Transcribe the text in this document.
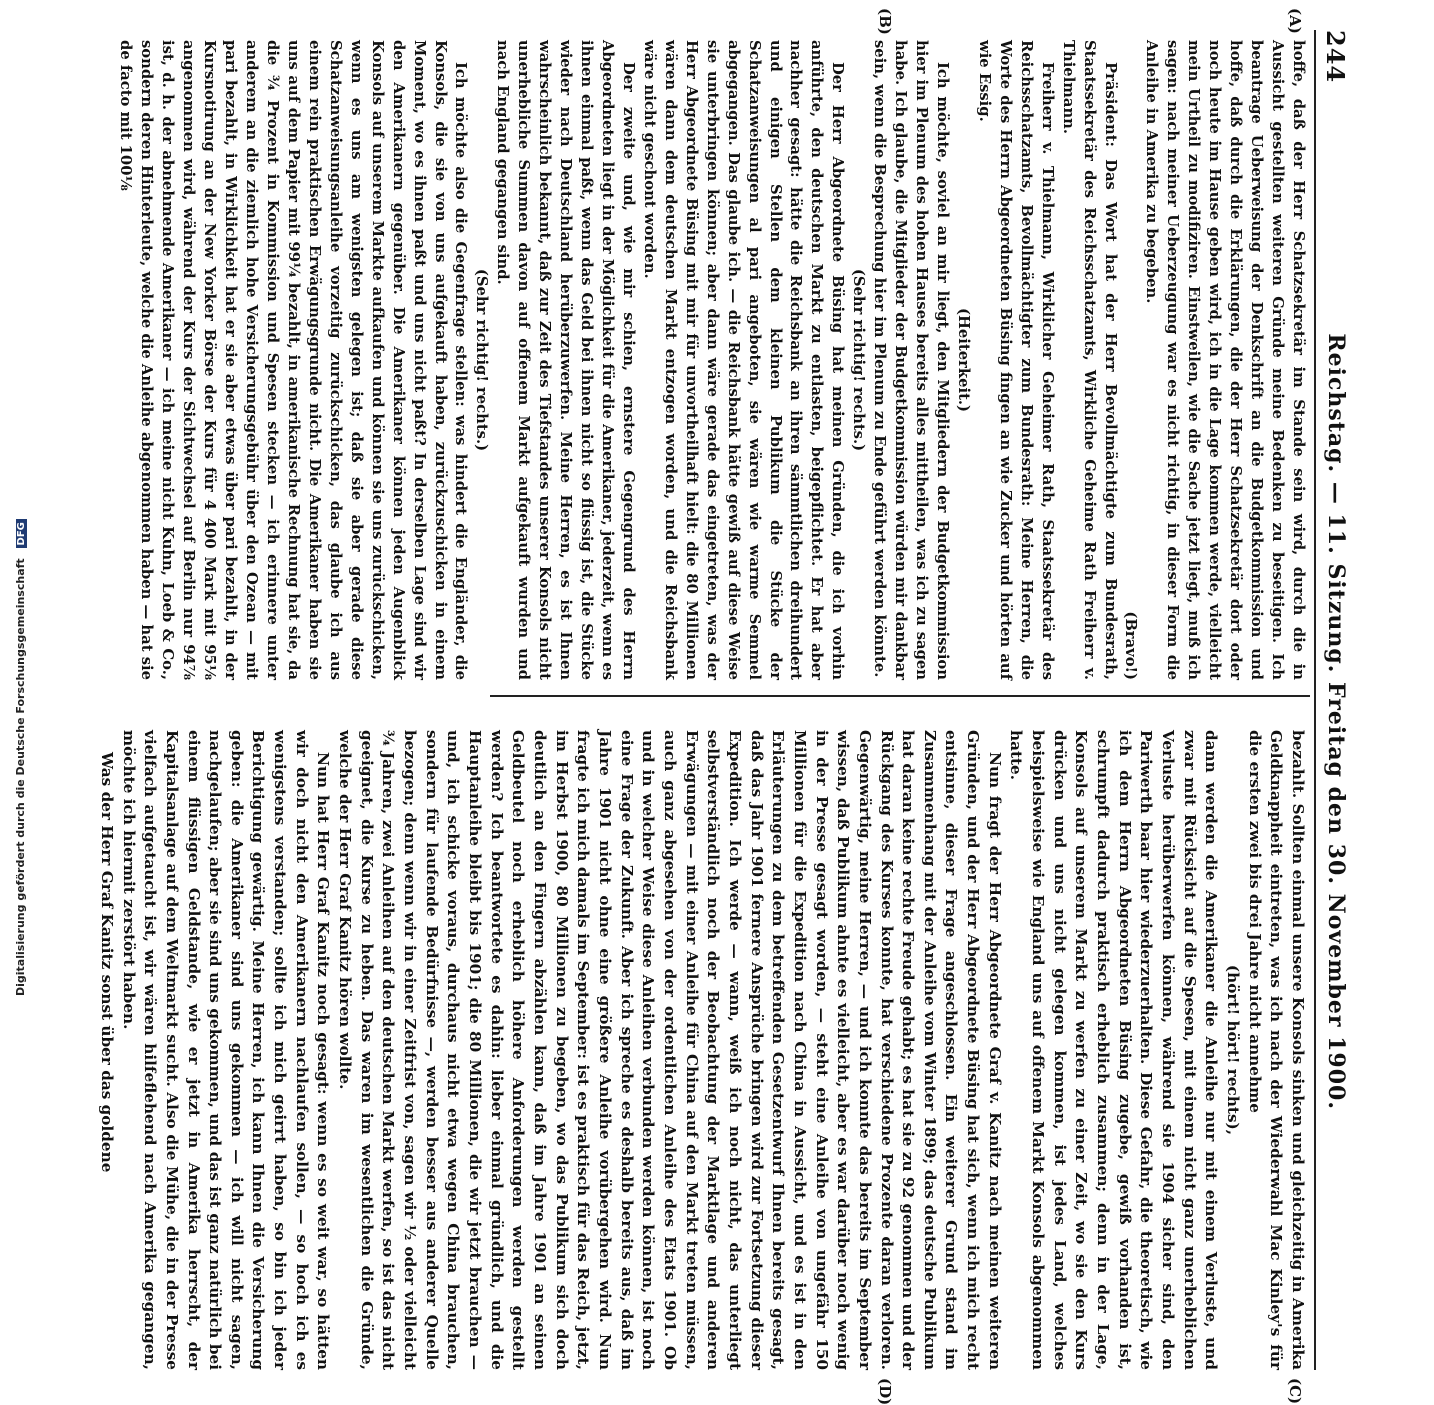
244
Reichstag. — 11. Sitzung. Freitag den 30. November 1900.
(A)
(B)
(C)
(D)

hoffe, daß der Herr Schatzsekretär im Stande sein wird, durch die in Aussicht gestellten weiteren Gründe meine Bedenken zu beseitigen. Ich beantrage Ueberweisung der Denkschrift an die Budgetkommission und hoffe, daß durch die Erklärungen, die der Herr Schatzsekretär dort oder noch heute im Hause geben wird, ich in die Lage kommen werde, vielleicht mein Urtheil zu modifiziren. Einstweilen, wie die Sache jetzt liegt, muß ich sagen: nach meiner Ueberzeugung war es nicht richtig, in dieser Form die Anleihe in Amerika zu begeben.

(Bravo!)

Präsident: Das Wort hat der Herr Bevollmächtigte zum Bundesrath, Staatssekretär des Reichsschatzamts, Wirkliche Geheime Rath Freiherr v. Thielmann.

Freiherr v. Thielmann, Wirklicher Geheimer Rath, Staatssekretär des Reichsschatzamts, Bevollmächtigter zum Bundesrath: Meine Herren, die Worte des Herrn Abgeordneten Büsing fingen an wie Zucker und hörten auf wie Essig.

(Heiterkeit.)

Ich möchte, soviel an mir liegt, den Mitgliedern der Budgetkommission hier im Plenum des hohen Hauses bereits alles mittheilen, was ich zu sagen habe. Ich glaube, die Mitglieder der Budgetkommission würden mir dankbar sein, wenn die Besprechung hier im Plenum zu Ende geführt werden könnte.

(Sehr richtig! rechts.)

Der Herr Abgeordnete Büsing hat meinen Gründen, die ich vorhin anführte, den deutschen Markt zu entlasten, beigepflichtet. Er hat aber nachher gesagt: hätte die Reichsbank an ihren sämmtlichen dreihundert und einigen Stellen dem kleinen Publikum die Stücke der Schatzanweisungen al pari angeboten, sie wären wie warme Semmel abgegangen. Das glaube ich. — die Reichsbank hätte gewiß auf diese Weise sie unterbringen können; aber dann wäre gerade das eingetreten, was der Herr Abgeordnete Büsing mit mir für unvortheilhaft hielt: die 80 Millionen wären dann dem deutschen Markt entzogen worden, und die Reichsbank wäre nicht geschont worden.

Der zweite und, wie mir schien, ernstere Gegengrund des Herrn Abgeordneten liegt in der Möglichkeit für die Amerikaner, jederzeit, wenn es ihnen einmal paßt, wenn das Geld bei ihnen nicht so flüssig ist, die Stücke wieder nach Deutschland herüberzuwerfen. Meine Herren, es ist Ihnen wahrscheinlich bekannt, daß zur Zeit des Tiefstandes unserer Konsols nicht unerhebliche Summen davon auf offenem Markt aufgekauft wurden und nach England gegangen sind.

(Sehr richtig! rechts.)

Ich möchte also die Gegenfrage stellen: was hindert die Engländer, die Konsols, die sie von uns aufgekauft haben, zurückzuschicken in einem Moment, wo es ihnen paßt und uns nicht paßt? In derselben Lage sind wir den Amerikanern gegenüber. Die Amerikaner können jeden Augenblick Konsols auf unserem Markte aufkaufen und können sie uns zurückschicken, wenn es uns am wenigsten gelegen ist; daß sie aber gerade diese Schatzanweisungsanleihe vorzeitig zurückschicken, das glaube ich aus einem rein praktischen Erwägungsgrunde nicht. Die Amerikaner haben sie uns auf dem Papier mit 99¼ bezahlt, in amerikanische Rechnung hat sie, da die ¾ Prozent in Kommission und Spesen stecken — ich erinnere unter anderem an die ziemlich hohe Versicherungsgebühr über den Ozean — mit pari bezahlt, in Wirklichkeit hat er sie aber etwas über pari bezahlt, in der Kursnotirung an der New Yorker Börse der Kurs für 4 400 Mark mit 95⅛ angenommen wird, während der Kurs der Sichtwechsel auf Berlin nur 94⅞ ist, d. h. der abnehmende Amerikaner — ich meine nicht Kuhn, Loeb & Co., sondern deren Hinterleute, welche die Anleihe abgenommen haben — hat sie de facto mit 100⅛

bezahlt. Sollten einmal unsere Konsols sinken und gleichzeitig in Amerika Geldknappheit eintreten, was ich nach der Wiederwahl Mac Kinley's für die ersten zwei bis drei Jahre nicht annehme

(hört! hört! rechts),

dann werden die Amerikaner die Anleihe nur mit einem Verluste, und zwar mit Rücksicht auf die Spesen, mit einem nicht ganz unerheblichen Verluste herüberwerfen können, während sie 1904 sicher sind, den Pariwerth baar hier wiederzuerhalten. Diese Gefahr, die theoretisch, wie ich dem Herrn Abgeordneten Büsing zugebe, gewiß vorhanden ist, schrumpft dadurch praktisch erheblich zusammen; denn in der Lage, Konsols auf unserem Markt zu werfen zu einer Zeit, wo sie den Kurs drücken und uns nicht gelegen kommen, ist jedes Land, welches beispielsweise wie England uns auf offenem Markt Konsols abgenommen hatte.

Nun fragt der Herr Abgeordnete Graf v. Kanitz nach meinen weiteren Gründen, und der Herr Abgeordnete Büsing hat sich, wenn ich mich recht entsinne, dieser Frage angeschlossen. Ein weiterer Grund stand im Zusammenhang mit der Anleihe vom Winter 1899; das deutsche Publikum hat daran keine rechte Freude gehabt; es hat sie zu 92 genommen und der Rückgang des Kurses konnte, hat verschiedene Prozente daran verloren. Gegenwärtig, meine Herren, — und ich konnte das bereits im September wissen, daß Publikum ahnte es vielleicht, aber es war darüber noch wenig in der Presse gesagt worden, — steht eine Anleihe von ungefähr 150 Millionen für die Expedition nach China in Aussicht, und es ist in den Erläuterungen zu dem betreffenden Gesetzentwurf Ihnen bereits gesagt, daß das Jahr 1901 fernere Ansprüche bringen wird zur Fortsetzung dieser Expedition. Ich werde — wann, weiß ich noch nicht, das unterliegt selbstverständlich noch der Beobachtung der Marktlage und anderen Erwägungen — mit einer Anleihe für China auf den Markt treten müssen, auch ganz abgesehen von der ordentlichen Anleihe des Etats 1901. Ob und in welcher Weise diese Anleihen verbunden werden können, ist noch eine Frage der Zukunft. Aber ich spreche es deshalb bereits aus, daß im Jahre 1901 nicht ohne eine größere Anleihe vorübergehen wird. Nun fragte ich mich damals im September: ist es praktisch für das Reich, jetzt, im Herbst 1900, 80 Millionen zu begeben, wo das Publikum sich doch deutlich an den Fingern abzählen kann, daß im Jahre 1901 an seinen Geldbeutel noch erheblich höhere Anforderungen werden gestellt werden? Ich beantwortete es dahin: lieber einmal gründlich, und die Hauptanleihe bleibt bis 1901; die 80 Millionen, die wir jetzt brauchen — und, ich schicke voraus, durchaus nicht etwa wegen China brauchen, sondern für laufende Bedürfnisse —, werden besser aus anderer Quelle bezogen; denn wenn wir in einer Zeitfrist von, sagen wir ½ oder vielleicht ¾ Jahren, zwei Anleihen auf den deutschen Markt werfen, so ist das nicht geeignet, die Kurse zu heben. Das waren im wesentlichen die Gründe, welche der Herr Graf Kanitz hören wollte.

Nun hat Herr Graf Kanitz noch gesagt: wenn es so weit war, so hätten wir doch nicht den Amerikanern nachlaufen sollen, — so hoch ich es wenigstens verstanden; sollte ich mich geirrt haben, so bin ich jeder Berichtigung gewärtig. Meine Herren, ich kann Ihnen die Versicherung geben: die Amerikaner sind uns gekommen — ich will nicht sagen, nachgelaufen; aber sie sind uns gekommen, und das ist ganz natürlich bei einem flüssigen Geldstande, wie er jetzt in Amerika herrscht, der Kapitalsanlage auf dem Weltmarkt sucht. Also die Mühe, die in der Presse vielfach aufgetaucht ist, wir wären hilfeflehend nach Amerika gegangen, möchte ich hiermit zerstört haben.

Was der Herr Graf Kanitz sonst über das goldene

Digitalisierung gefördert durch die Deutsche Forschungsgemeinschaft DFG
